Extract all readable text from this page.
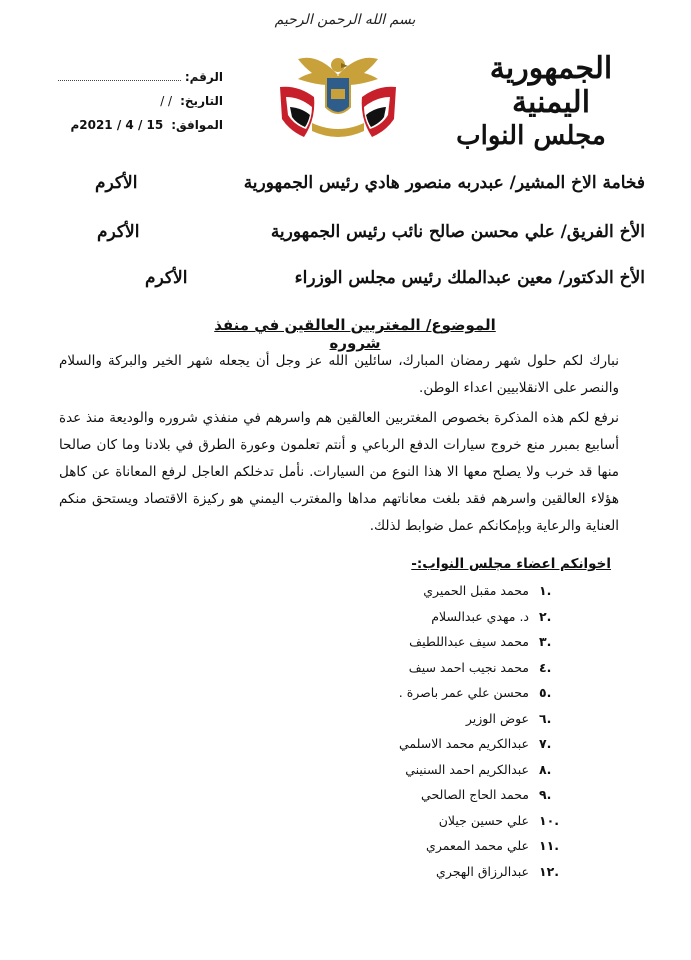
بسم الله الرحمن الرحيم
الجمهورية اليمنية
مجلس النواب
الرقم:
التاريخ:
/ /
الموافق:
15 / 4 / 2021م
فخامة الاخ المشير/ عبدربه منصور هادي رئيس الجمهورية
الأكرم
الأخ الفريق/ علي محسن صالح نائب رئيس الجمهورية
الأكرم
الأخ الدكتور/ معين عبدالملك رئيس مجلس الوزراء
الأكرم
الموضوع/ المغتربين العالقين في منفذ شروره
نبارك لكم حلول شهر رمضان المبارك، سائلين الله عز وجل أن يجعله شهر الخير والبركة والسلام والنصر على الانقلابيين اعداء الوطن.
نرفع لكم هذه المذكرة بخصوص المغتربين العالقين هم واسرهم في منفذي شروره والوديعة منذ عدة أسابيع بمبرر منع خروج سيارات الدفع الرباعي و أنتم تعلمون وعورة الطرق في بلادنا وما كان صالحا منها قد خرب ولا يصلح معها الا هذا النوع من السيارات. نأمل تدخلكم العاجل لرفع المعاناة عن كاهل هؤلاء العالقين واسرهم فقد بلغت معاناتهم مداها والمغترب اليمني هو ركيزة الاقتصاد ويستحق منكم العناية والرعاية وبإمكانكم عمل ضوابط لذلك.
اخوانكم اعضاء مجلس النواب:-
.١
محمد مقبل الحميري
.٢
د. مهدي عبدالسلام
.٣
محمد سيف عبداللطيف
.٤
محمد نجيب احمد سيف
.٥
محسن علي عمر باصرة .
.٦
عوض الوزير
.٧
عبدالكريم محمد الاسلمي
.٨
عبدالكريم احمد السنيني
.٩
محمد الحاج الصالحي
.١٠
علي حسين جيلان
.١١
علي محمد المعمري
.١٢
عبدالرزاق الهجري
